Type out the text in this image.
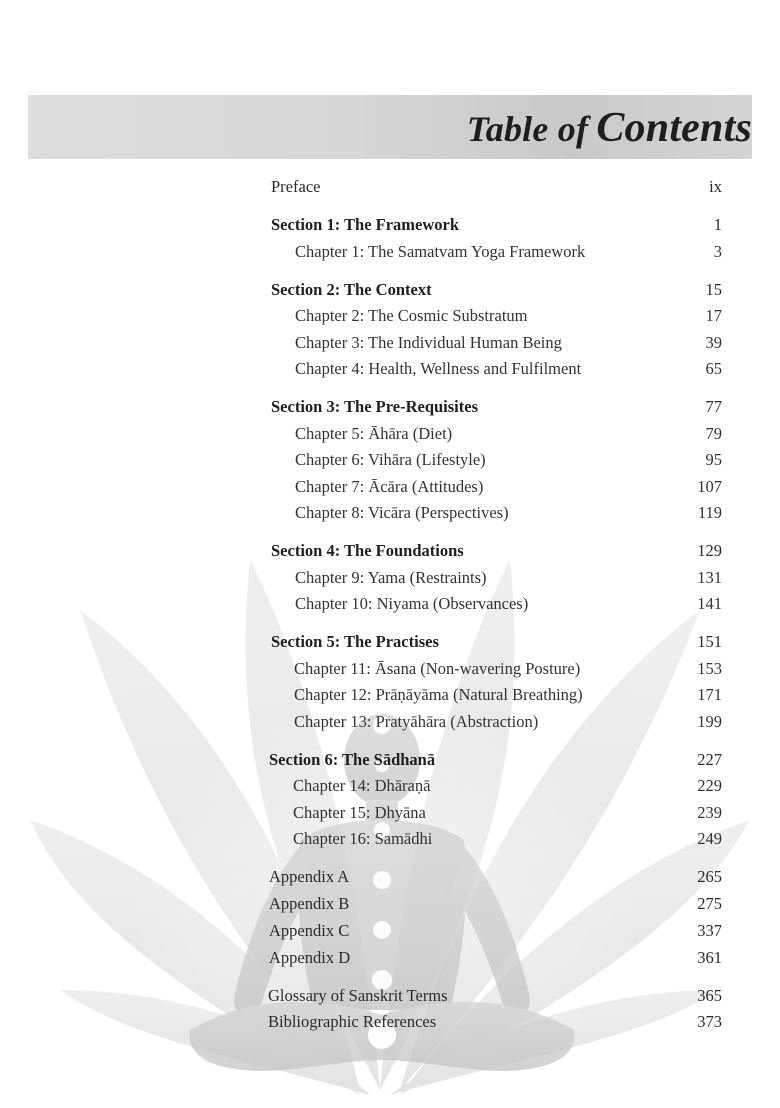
Table of Contents
Preface	ix
Section 1: The Framework	1
Chapter 1: The Samatvam Yoga Framework	3
Section 2: The Context	15
Chapter 2: The Cosmic Substratum	17
Chapter 3: The Individual Human Being	39
Chapter 4: Health, Wellness and Fulfilment	65
Section 3: The Pre-Requisites	77
Chapter 5: Āhāra (Diet)	79
Chapter 6: Vihāra (Lifestyle)	95
Chapter 7: Ācāra (Attitudes)	107
Chapter 8: Vicāra (Perspectives)	119
Section 4: The Foundations	129
Chapter 9: Yama (Restraints)	131
Chapter 10: Niyama (Observances)	141
Section 5: The Practises	151
Chapter 11: Āsana (Non-wavering Posture)	153
Chapter 12: Prāṇāyāma (Natural Breathing)	171
Chapter 13: Pratyāhāra (Abstraction)	199
Section 6: The Sādhanā	227
Chapter 14: Dhāraṇā	229
Chapter 15: Dhyāna	239
Chapter 16: Samādhi	249
Appendix A	265
Appendix B	275
Appendix C	337
Appendix D	361
Glossary of Sanskrit Terms	365
Bibliographic References	373
